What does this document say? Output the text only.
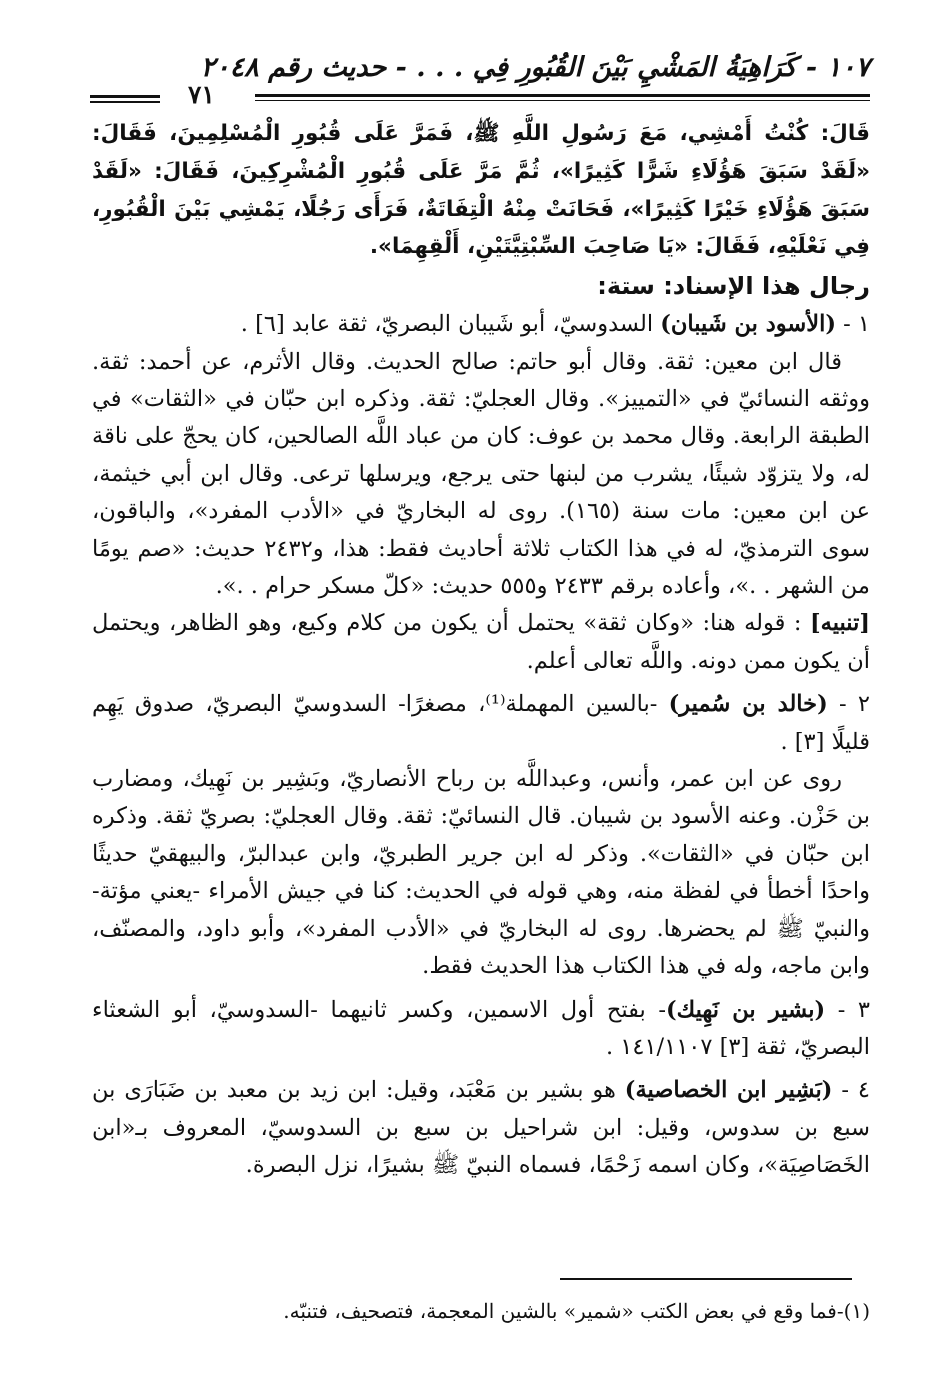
١٠٧ - كَرَاهِيَةُ المَشْيِ بَيْنَ القُبُورِ فِي . . . - حديث رقم ٢٠٤٨
٧١

قَالَ: كُنْتُ أَمْشِي، مَعَ رَسُولِ اللَّهِ ﷺ، فَمَرَّ عَلَى قُبُورِ الْمُسْلِمِينَ، فَقَالَ: «لَقَدْ سَبَقَ هَؤُلَاءِ شَرًّا كَثِيرًا»، ثُمَّ مَرَّ عَلَى قُبُورِ الْمُشْرِكِينَ، فَقَالَ: «لَقَدْ سَبَقَ هَؤُلَاءِ خَيْرًا كَثِيرًا»، فَحَانَتْ مِنْهُ الْتِفَاتَةٌ، فَرَأَى رَجُلًا، يَمْشِي بَيْنَ الْقُبُورِ، فِي نَعْلَيْهِ، فَقَالَ: «يَا صَاحِبَ السِّبْتِيَّتَيْنِ، أَلْقِهِمَا».

رجال هذا الإسناد: ستة:

١ - (الأسود بن شَيبان) السدوسيّ، أبو شَيبان البصريّ، ثقة عابد [٦] .

قال ابن معين: ثقة. وقال أبو حاتم: صالح الحديث. وقال الأثرم، عن أحمد: ثقة. ووثقه النسائيّ في «التمييز». وقال العجليّ: ثقة. وذكره ابن حبّان في «الثقات» في الطبقة الرابعة. وقال محمد بن عوف: كان من عباد اللَّه الصالحين، كان يحجّ على ناقة له، ولا يتزوّد شيئًا، يشرب من لبنها حتى يرجع، ويرسلها ترعى. وقال ابن أبي خيثمة، عن ابن معين: مات سنة (١٦٥). روى له البخاريّ في «الأدب المفرد»، والباقون، سوى الترمذيّ، له في هذا الكتاب ثلاثة أحاديث فقط: هذا، و٢٤٣٢ حديث: «صم يومًا من الشهر . .»، وأعاده برقم ٢٤٣٣ و٥٥٥ حديث: «كلّ مسكر حرام . .».

[تنبيه] : قوله هنا: «وكان ثقة» يحتمل أن يكون من كلام وكيع، وهو الظاهر، ويحتمل أن يكون ممن دونه. واللَّه تعالى أعلم.

٢ - (خالد بن سُمير) -بالسين المهملة⁽¹⁾، مصغرًا- السدوسيّ البصريّ، صدوق يَهِم قليلًا [٣] .

روى عن ابن عمر، وأنس، وعبداللَّه بن رباح الأنصاريّ، وبَشِير بن نَهِيك، ومضارب بن حَزْن. وعنه الأسود بن شيبان. قال النسائيّ: ثقة. وقال العجليّ: بصريّ ثقة. وذكره ابن حبّان في «الثقات». وذكر له ابن جرير الطبريّ، وابن عبدالبرّ، والبيهقيّ حديثًا واحدًا أخطأ في لفظة منه، وهي قوله في الحديث: كنا في جيش الأمراء -يعني مؤتة- والنبيّ ﷺ لم يحضرها. روى له البخاريّ في «الأدب المفرد»، وأبو داود، والمصنّف، وابن ماجه، وله في هذا الكتاب هذا الحديث فقط.

٣ - (بشير بن نَهِيك)- بفتح أول الاسمين، وكسر ثانيهما -السدوسيّ، أبو الشعثاء البصريّ، ثقة [٣] ١٤١/١١٠٧ .

٤ - (بَشِير ابن الخصاصية) هو بشير بن مَعْبَد، وقيل: ابن زيد بن معبد بن ضَبَارَى بن سبع بن سدوس، وقيل: ابن شراحيل بن سبع بن السدوسيّ، المعروف بـ«ابن الخَصَاصِيَة»، وكان اسمه زَحْمًا، فسماه النبيّ ﷺ بشيرًا، نزل البصرة.

(١)-فما وقع في بعض الكتب «شمير» بالشين المعجمة، فتصحيف، فتنبّه.
